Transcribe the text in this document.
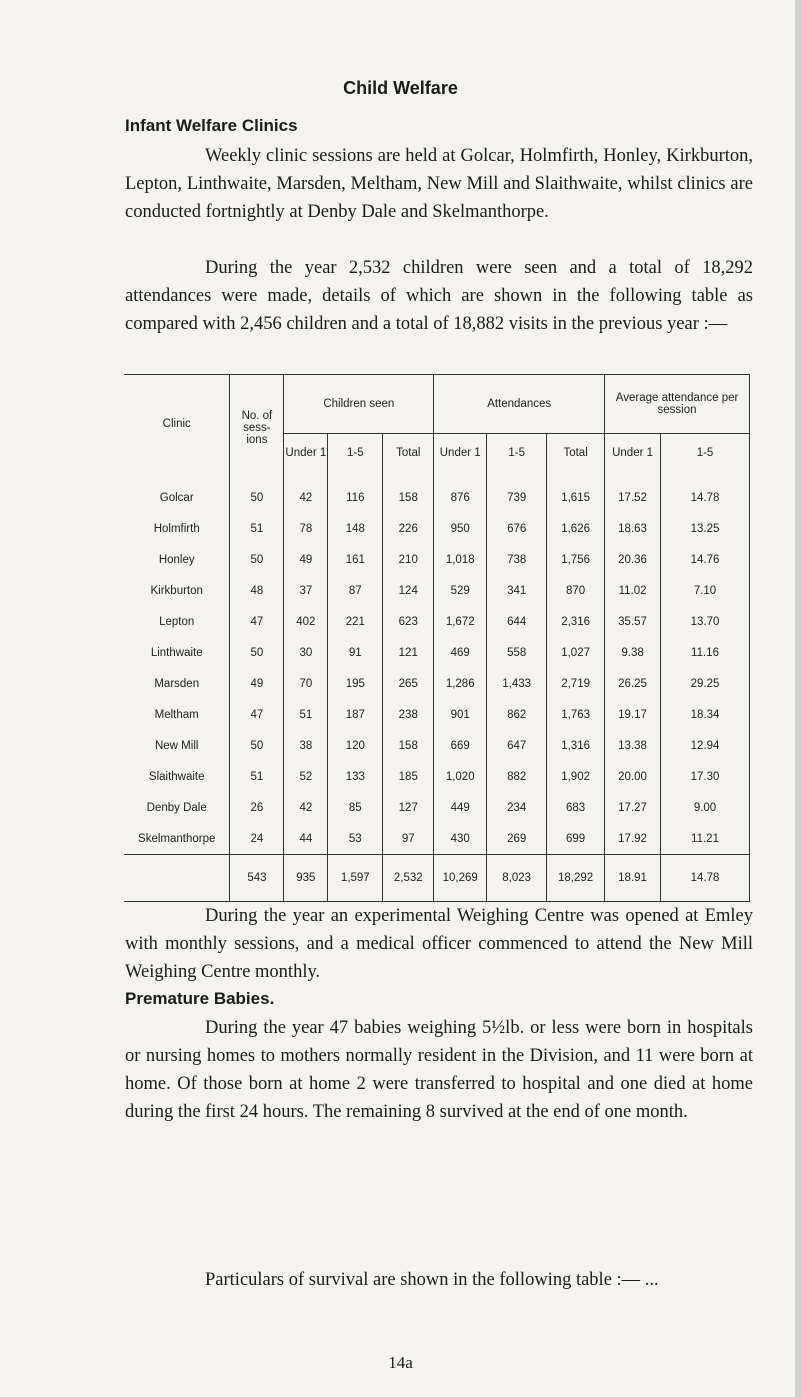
Child Welfare
Infant Welfare Clinics

Weekly clinic sessions are held at Golcar, Holmfirth, Honley, Kirkburton, Lepton, Linthwaite, Marsden, Meltham, New Mill and Slaithwaite, whilst clinics are conducted fortnightly at Denby Dale and Skelmanthorpe.

During the year 2,532 children were seen and a total of 18,292 attendances were made, details of which are shown in the following table as compared with 2,456 children and a total of 18,882 visits in the previous year :—

Clinic	No. of sess-	Children seen			Attendances			Average attendance per session	
	ions	Under 1	1-5	Total	Under 1	1-5	Total	Under 1	1-5
Golcar	50	42	116	158	876	739	1,615	17.52	14.78
Holmfirth	51	78	148	226	950	676	1,626	18.63	13.25
Honley	50	49	161	210	1,018	738	1,756	20.36	14.76
Kirkburton	48	37	87	124	529	341	870	11.02	7.10
Lepton	47	402	221	623	1,672	644	2,316	35.57	13.70
Linthwaite	50	30	91	121	469	558	1,027	9.38	11.16
Marsden	49	70	195	265	1,286	1,433	2,719	26.25	29.25
Meltham	47	51	187	238	901	862	1,763	19.17	18.34
New Mill	50	38	120	158	669	647	1,316	13.38	12.94
Slaithwaite	51	52	133	185	1,020	882	1,902	20.00	17.30
Denby Dale	26	42	85	127	449	234	683	17.27	9.00
Skelmanthorpe	24	44	53	97	430	269	699	17.92	11.21
	543	935	1,597	2,532	10,269	8,023	18,292	18.91	14.78

During the year an experimental Weighing Centre was opened at Emley with monthly sessions, and a medical officer commenced to attend the New Mill Weighing Centre monthly.

Premature Babies.

During the year 47 babies weighing 5½lb. or less were born in hospitals or nursing homes to mothers normally resident in the Division, and 11 were born at home. Of those born at home 2 were transferred to hospital and one died at home during the first 24 hours. The remaining 8 survived at the end of one month.

Particulars of survival are shown in the following table :— ...

14a
